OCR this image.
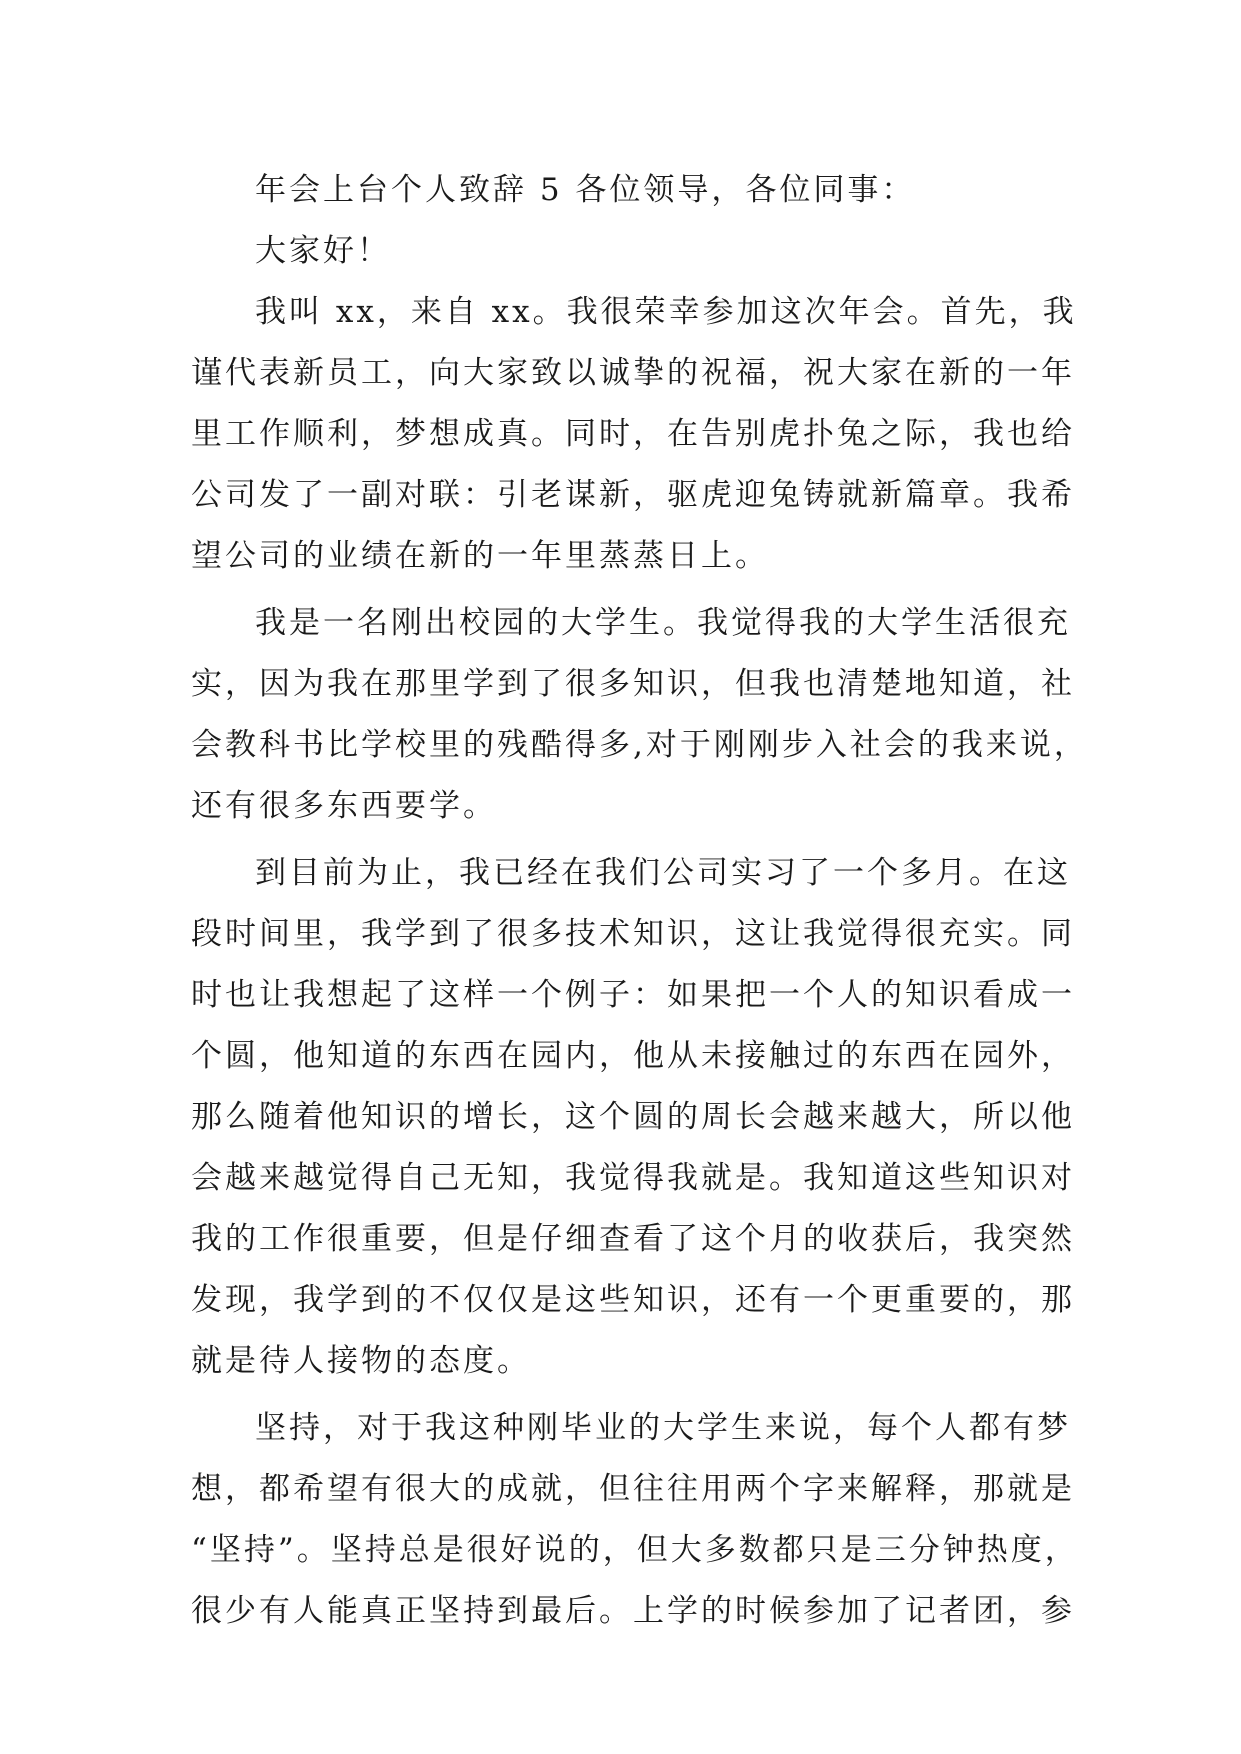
年会上台个人致辞 5 各位领导，各位同事：
大家好！
我叫 xx，来自 xx。我很荣幸参加这次年会。首先，我
谨代表新员工，向大家致以诚挚的祝福，祝大家在新的一年
里工作顺利，梦想成真。同时，在告别虎扑兔之际，我也给
公司发了一副对联：引老谋新，驱虎迎兔铸就新篇章。我希
望公司的业绩在新的一年里蒸蒸日上。
我是一名刚出校园的大学生。我觉得我的大学生活很充
实，因为我在那里学到了很多知识，但我也清楚地知道，社
会教科书比学校里的残酷得多,对于刚刚步入社会的我来说，
还有很多东西要学。
到目前为止，我已经在我们公司实习了一个多月。在这
段时间里，我学到了很多技术知识，这让我觉得很充实。同
时也让我想起了这样一个例子：如果把一个人的知识看成一
个圆，他知道的东西在园内，他从未接触过的东西在园外，
那么随着他知识的增长，这个圆的周长会越来越大，所以他
会越来越觉得自己无知，我觉得我就是。我知道这些知识对
我的工作很重要，但是仔细查看了这个月的收获后，我突然
发现，我学到的不仅仅是这些知识，还有一个更重要的，那
就是待人接物的态度。
坚持，对于我这种刚毕业的大学生来说，每个人都有梦
想，都希望有很大的成就，但往往用两个字来解释，那就是
“坚持”。坚持总是很好说的，但大多数都只是三分钟热度，
很少有人能真正坚持到最后。上学的时候参加了记者团，参
